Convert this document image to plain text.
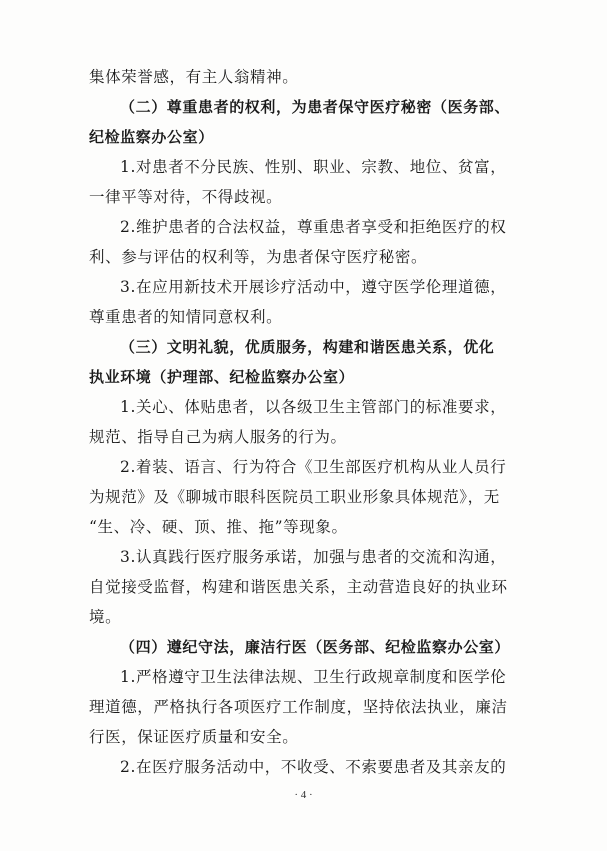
集体荣誉感，有主人翁精神。
（二）尊重患者的权利，为患者保守医疗秘密（医务部、
纪检监察办公室）
1.对患者不分民族、性别、职业、宗教、地位、贫富，
一律平等对待，不得歧视。
2.维护患者的合法权益，尊重患者享受和拒绝医疗的权
利、参与评估的权利等，为患者保守医疗秘密。
3.在应用新技术开展诊疗活动中，遵守医学伦理道德，
尊重患者的知情同意权利。
（三）文明礼貌，优质服务，构建和谐医患关系，优化
执业环境（护理部、纪检监察办公室）
1.关心、体贴患者，以各级卫生主管部门的标准要求，
规范、指导自己为病人服务的行为。
2.着装、语言、行为符合《卫生部医疗机构从业人员行
为规范》及《聊城市眼科医院员工职业形象具体规范》，无
“生、冷、硬、顶、推、拖”等现象。
3.认真践行医疗服务承诺，加强与患者的交流和沟通，
自觉接受监督，构建和谐医患关系，主动营造良好的执业环
境。
（四）遵纪守法，廉洁行医（医务部、纪检监察办公室）
1.严格遵守卫生法律法规、卫生行政规章制度和医学伦
理道德，严格执行各项医疗工作制度，坚持依法执业，廉洁
行医，保证医疗质量和安全。
2.在医疗服务活动中，不收受、不索要患者及其亲友的
· 4 ·
